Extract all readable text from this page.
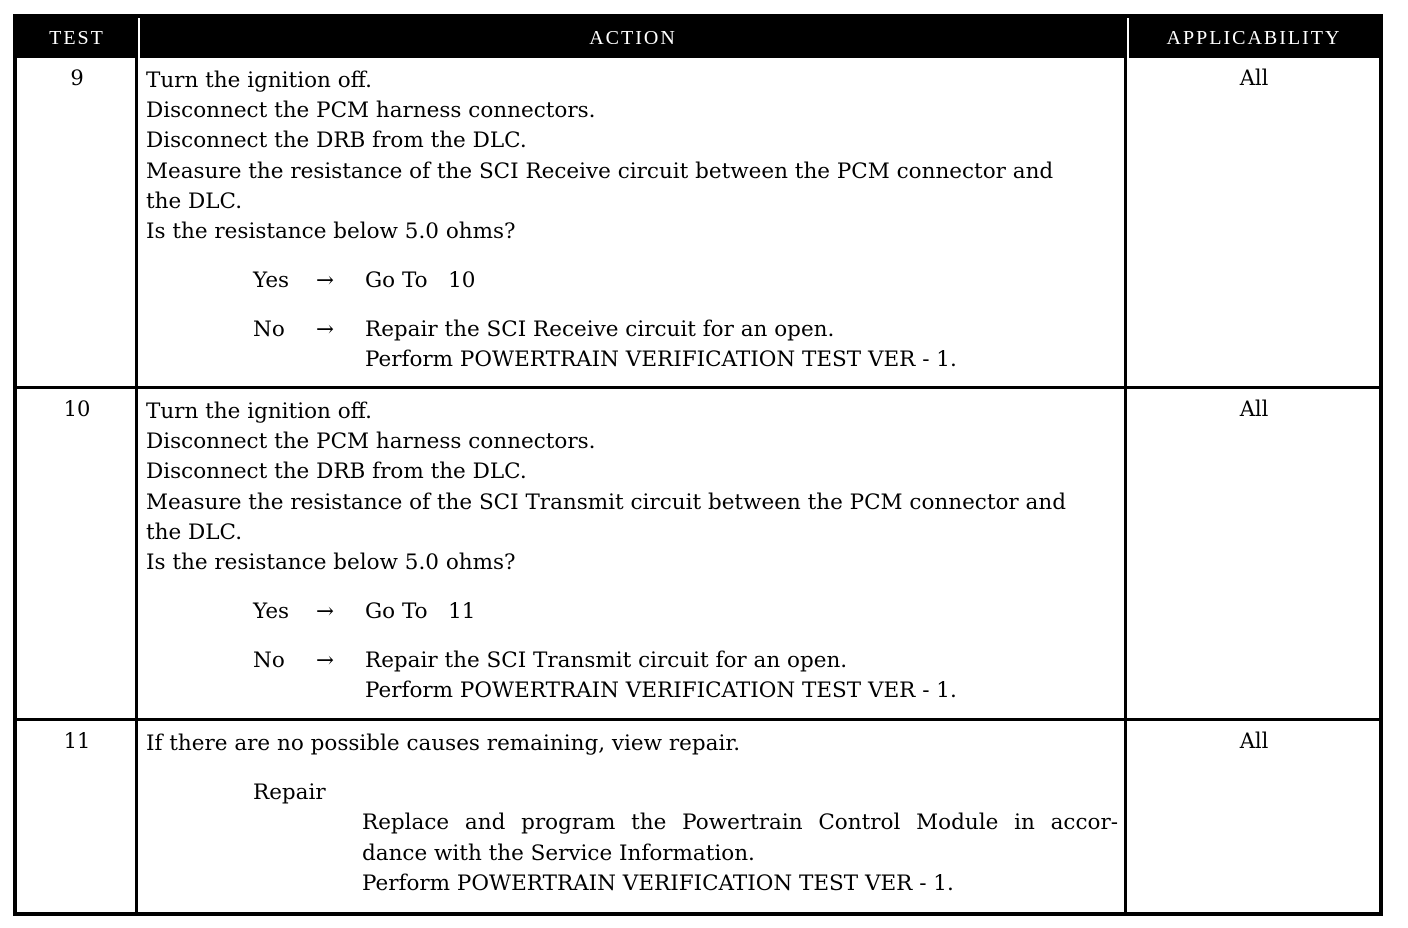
TEST	ACTION	APPLICABILITY
9	Turn the ignition off.
Disconnect the PCM harness connectors.
Disconnect the DRB from the DLC.
Measure the resistance of the SCI Receive circuit between the PCM connector and
the DLC.
Is the resistance below 5.0 ohms?
Yes → Go To   10
No → Repair the SCI Receive circuit for an open.
Perform POWERTRAIN VERIFICATION TEST VER - 1.
All
10	Turn the ignition off.
Disconnect the PCM harness connectors.
Disconnect the DRB from the DLC.
Measure the resistance of the SCI Transmit circuit between the PCM connector and
the DLC.
Is the resistance below 5.0 ohms?
Yes → Go To   11
No → Repair the SCI Transmit circuit for an open.
Perform POWERTRAIN VERIFICATION TEST VER - 1.
All
11	If there are no possible causes remaining, view repair.
Repair
Replace and program the Powertrain Control Module in accor-
dance with the Service Information.
Perform POWERTRAIN VERIFICATION TEST VER - 1.
All
